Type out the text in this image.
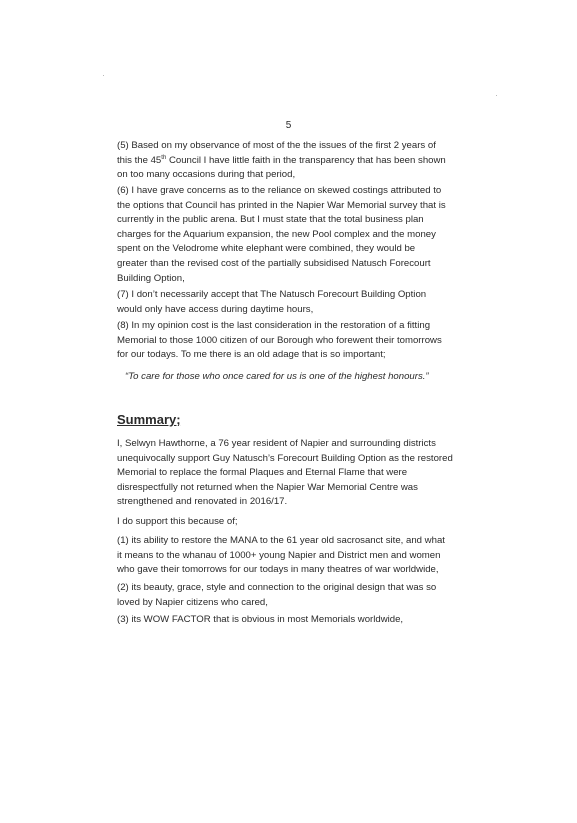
5
(5) Based on my observance of most of the the issues of the first 2 years of
this the 45th Council I have little faith in the transparency that has been shown
on too many occasions during that period,
(6) I have grave concerns as to the reliance on skewed costings attributed to
the options that Council has printed in the Napier War Memorial survey that is
currently in the public arena. But I must state that the total business plan
charges for the Aquarium expansion, the new Pool complex and the money
spent on the Velodrome white elephant were combined, they would be
greater than the revised cost of the partially subsidised Natusch Forecourt
Building Option,
(7) I don’t necessarily accept that The Natusch Forecourt Building Option
would only have access during daytime hours,
(8) In my opinion cost is the last consideration in the restoration of a fitting
Memorial to those 1000 citizen of our Borough who forewent their tomorrows
for our todays. To me there is an old adage that is so important;
“To care for those who once cared for us is one of the highest honours.”
Summary;
I, Selwyn Hawthorne, a 76 year resident of Napier and surrounding districts
unequivocally support Guy Natusch’s Forecourt Building Option as the restored
Memorial to replace the formal Plaques and Eternal Flame that were
disrespectfully not returned when the Napier War Memorial Centre was
strengthened and renovated in 2016/17.
I do support this because of;
(1) its ability to restore the MANA to the 61 year old sacrosanct site, and what
it means to the whanau of 1000+ young Napier and District men and women
who gave their tomorrows for our todays in many theatres of war worldwide,
(2) its beauty, grace, style and connection to the original design that was so
loved by Napier citizens who cared,
(3) its WOW FACTOR that is obvious in most Memorials worldwide,
